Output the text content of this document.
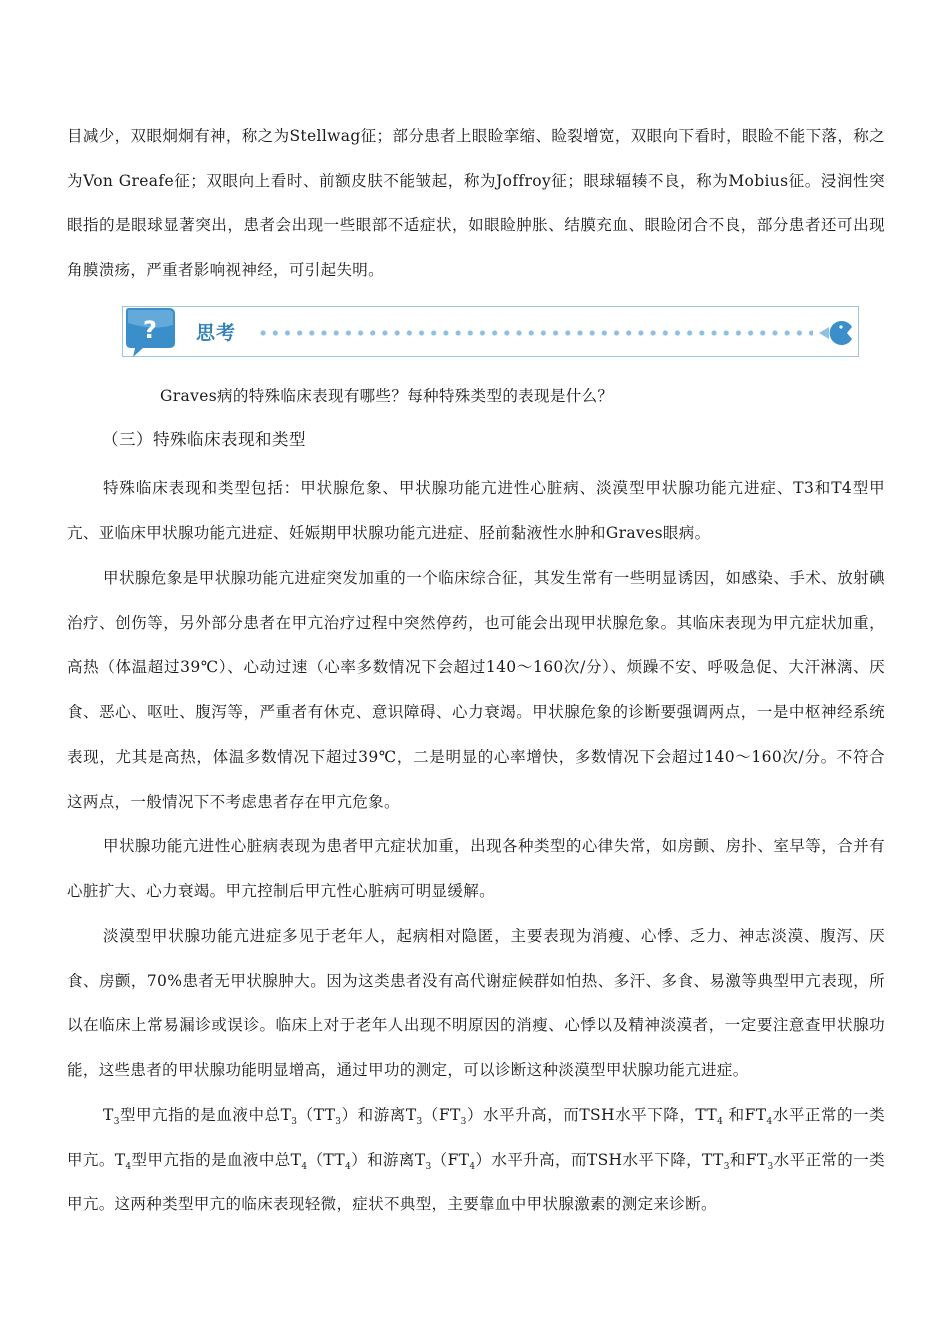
目减少，双眼炯炯有神，称之为Stellwag征；部分患者上眼睑挛缩、睑裂增宽，双眼向下看时，眼睑不能下落，称之为Von Greafe征；双眼向上看时、前额皮肤不能皱起，称为Joffroy征；眼球辐辏不良，称为Mobius征。浸润性突眼指的是眼球显著突出，患者会出现一些眼部不适症状，如眼睑肿胀、结膜充血、眼睑闭合不良，部分患者还可出现角膜溃疡，严重者影响视神经，可引起失明。

? 思考
Graves病的特殊临床表现有哪些？每种特殊类型的表现是什么？
（三）特殊临床表现和类型

特殊临床表现和类型包括：甲状腺危象、甲状腺功能亢进性心脏病、淡漠型甲状腺功能亢进症、T3和T4型甲亢、亚临床甲状腺功能亢进症、妊娠期甲状腺功能亢进症、胫前黏液性水肿和Graves眼病。

甲状腺危象是甲状腺功能亢进症突发加重的一个临床综合征，其发生常有一些明显诱因，如感染、手术、放射碘治疗、创伤等，另外部分患者在甲亢治疗过程中突然停药，也可能会出现甲状腺危象。其临床表现为甲亢症状加重，高热（体温超过39℃）、心动过速（心率多数情况下会超过140～160次/分）、烦躁不安、呼吸急促、大汗淋漓、厌食、恶心、呕吐、腹泻等，严重者有休克、意识障碍、心力衰竭。甲状腺危象的诊断要强调两点，一是中枢神经系统表现，尤其是高热，体温多数情况下超过39℃，二是明显的心率增快，多数情况下会超过140～160次/分。不符合这两点，一般情况下不考虑患者存在甲亢危象。

甲状腺功能亢进性心脏病表现为患者甲亢症状加重，出现各种类型的心律失常，如房颤、房扑、室早等，合并有心脏扩大、心力衰竭。甲亢控制后甲亢性心脏病可明显缓解。

淡漠型甲状腺功能亢进症多见于老年人，起病相对隐匿，主要表现为消瘦、心悸、乏力、神志淡漠、腹泻、厌食、房颤，70%患者无甲状腺肿大。因为这类患者没有高代谢症候群如怕热、多汗、多食、易激等典型甲亢表现，所以在临床上常易漏诊或误诊。临床上对于老年人出现不明原因的消瘦、心悸以及精神淡漠者，一定要注意查甲状腺功能，这些患者的甲状腺功能明显增高，通过甲功的测定，可以诊断这种淡漠型甲状腺功能亢进症。

$T_3$型甲亢指的是血液中总$T_3(TT_3)$和游离$T_3(FT_3)$水平升高，而TSH水平下降，$TT_4$ 和$FT_4$水平正常的一类甲亢。$T_4$型甲亢指的是血液中总$T_4(TT_4)$和游离$T_3(FT_4)$水平升高，而TSH水平下降，$TT_3$和$FT_3$水平正常的一类甲亢。这两种类型甲亢的临床表现轻微，症状不典型，主要靠血中甲状腺激素的测定来诊断。
